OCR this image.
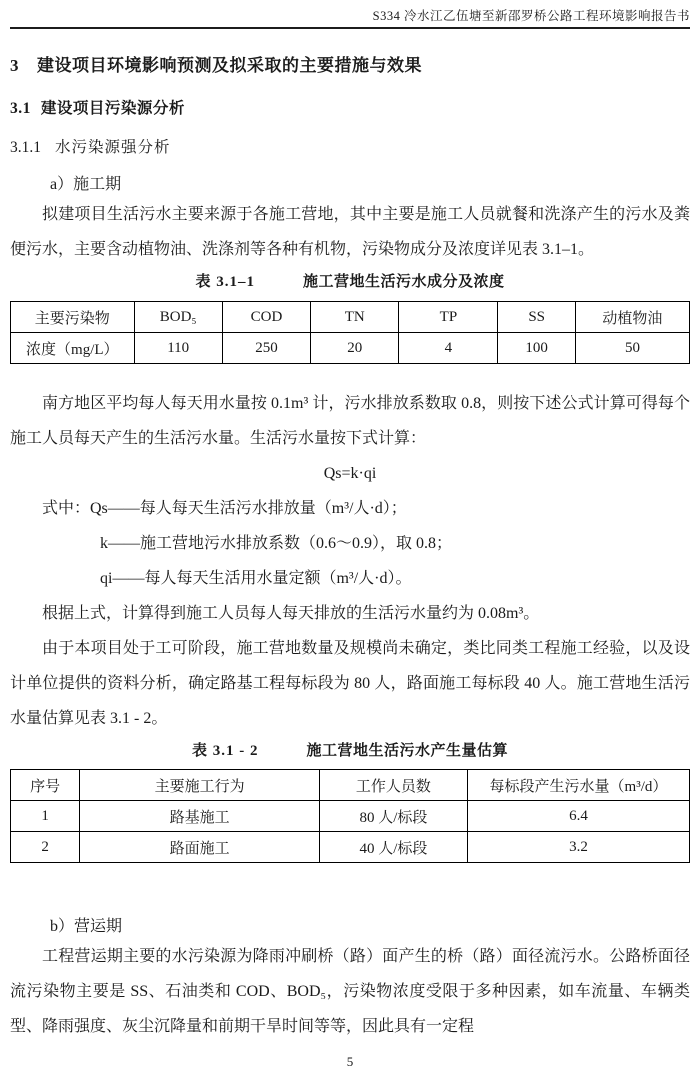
S334 冷水江乙伍塘至新邵罗桥公路工程环境影响报告书
3 建设项目环境影响预测及拟采取的主要措施与效果
3.1 建设项目污染源分析
3.1.1 水污染源强分析
a）施工期

拟建项目生活污水主要来源于各施工营地，其中主要是施工人员就餐和洗涤产生的污水及粪便污水，主要含动植物油、洗涤剂等各种有机物，污染物成分及浓度详见表 3.1–1。

表 3.1–1	施工营地生活污水成分及浓度
主要污染物	BOD₅	COD	TN	TP	SS	动植物油
浓度（mg/L）	110	250	20	4	100	50

南方地区平均每人每天用水量按 0.1m³ 计，污水排放系数取 0.8，则按下述公式计算可得每个施工人员每天产生的生活污水量。生活污水量按下式计算：

Qs=k·qi
式中：Qs——每人每天生活污水排放量（m³/人·d）；
k——施工营地污水排放系数（0.6～0.9），取 0.8；
qi——每人每天生活用水量定额（m³/人·d）。

根据上式，计算得到施工人员每人每天排放的生活污水量约为 0.08m³。

由于本项目处于工可阶段，施工营地数量及规模尚未确定，类比同类工程施工经验，以及设计单位提供的资料分析，确定路基工程每标段为 80 人，路面施工每标段 40 人。施工营地生活污水量估算见表 3.1 - 2。

表 3.1 - 2	施工营地生活污水产生量估算
序号	主要施工行为	工作人员数	每标段产生污水量（m³/d）
1	路基施工	80 人/标段	6.4
2	路面施工	40 人/标段	3.2
b）营运期

工程营运期主要的水污染源为降雨冲刷桥（路）面产生的桥（路）面径流污水。公路桥面径流污染物主要是 SS、石油类和 COD、BOD₅，污染物浓度受限于多种因素，如车流量、车辆类型、降雨强度、灰尘沉降量和前期干旱时间等等，因此具有一定程

5
